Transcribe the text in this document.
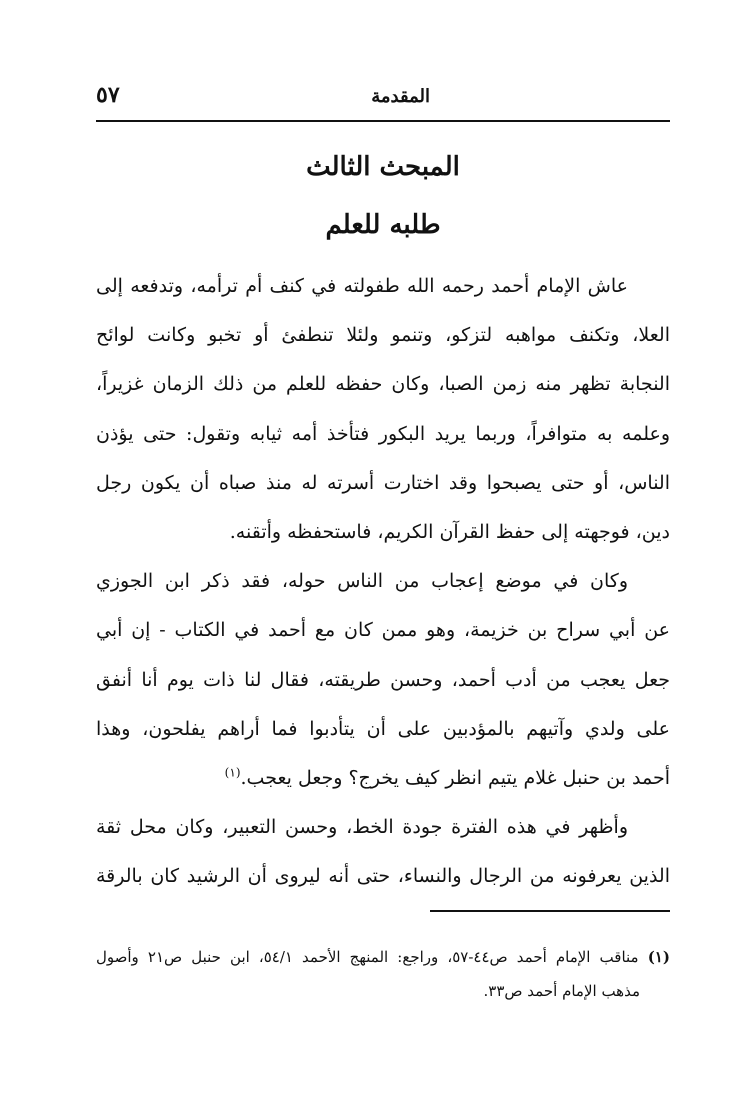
المقدمة
٥٧
المبحث الثالث
طلبه للعلم
عاش الإمام أحمد رحمه الله طفولته في كنف أم ترأمه، وتدفعه إلى
العلا، وتكنف مواهبه لتزكو، وتنمو ولئلا تنطفئ أو تخبو وكانت لوائح
النجابة تظهر منه زمن الصبا، وكان حفظه للعلم من ذلك الزمان غزيراً،
وعلمه به متوافراً، وربما يريد البكور فتأخذ أمه ثيابه وتقول: حتى يؤذن
الناس، أو حتى يصبحوا وقد اختارت أسرته له منذ صباه أن يكون رجل
دين، فوجهته إلى حفظ القرآن الكريم، فاستحفظه وأتقنه.
وكان في موضع إعجاب من الناس حوله، فقد ذكر ابن الجوزي
عن أبي سراح بن خزيمة، وهو ممن كان مع أحمد في الكتاب - إن أبي
جعل يعجب من أدب أحمد، وحسن طريقته، فقال لنا ذات يوم أنا أنفق
على ولدي وآتيهم بالمؤدبين على أن يتأدبوا فما أراهم يفلحون، وهذا
أحمد بن حنبل غلام يتيم انظر كيف يخرج؟ وجعل يعجب.$^{(١)}$
وأظهر في هذه الفترة جودة الخط، وحسن التعبير، وكان محل ثقة
الذين يعرفونه من الرجال والنساء، حتى أنه ليروى أن الرشيد كان بالرقة
(١) مناقب الإمام أحمد ص٤٤-٥٧، وراجع: المنهج الأحمد ٥٤/١، ابن حنبل ص٢١ وأصول
مذهب الإمام أحمد ص٣٣.
